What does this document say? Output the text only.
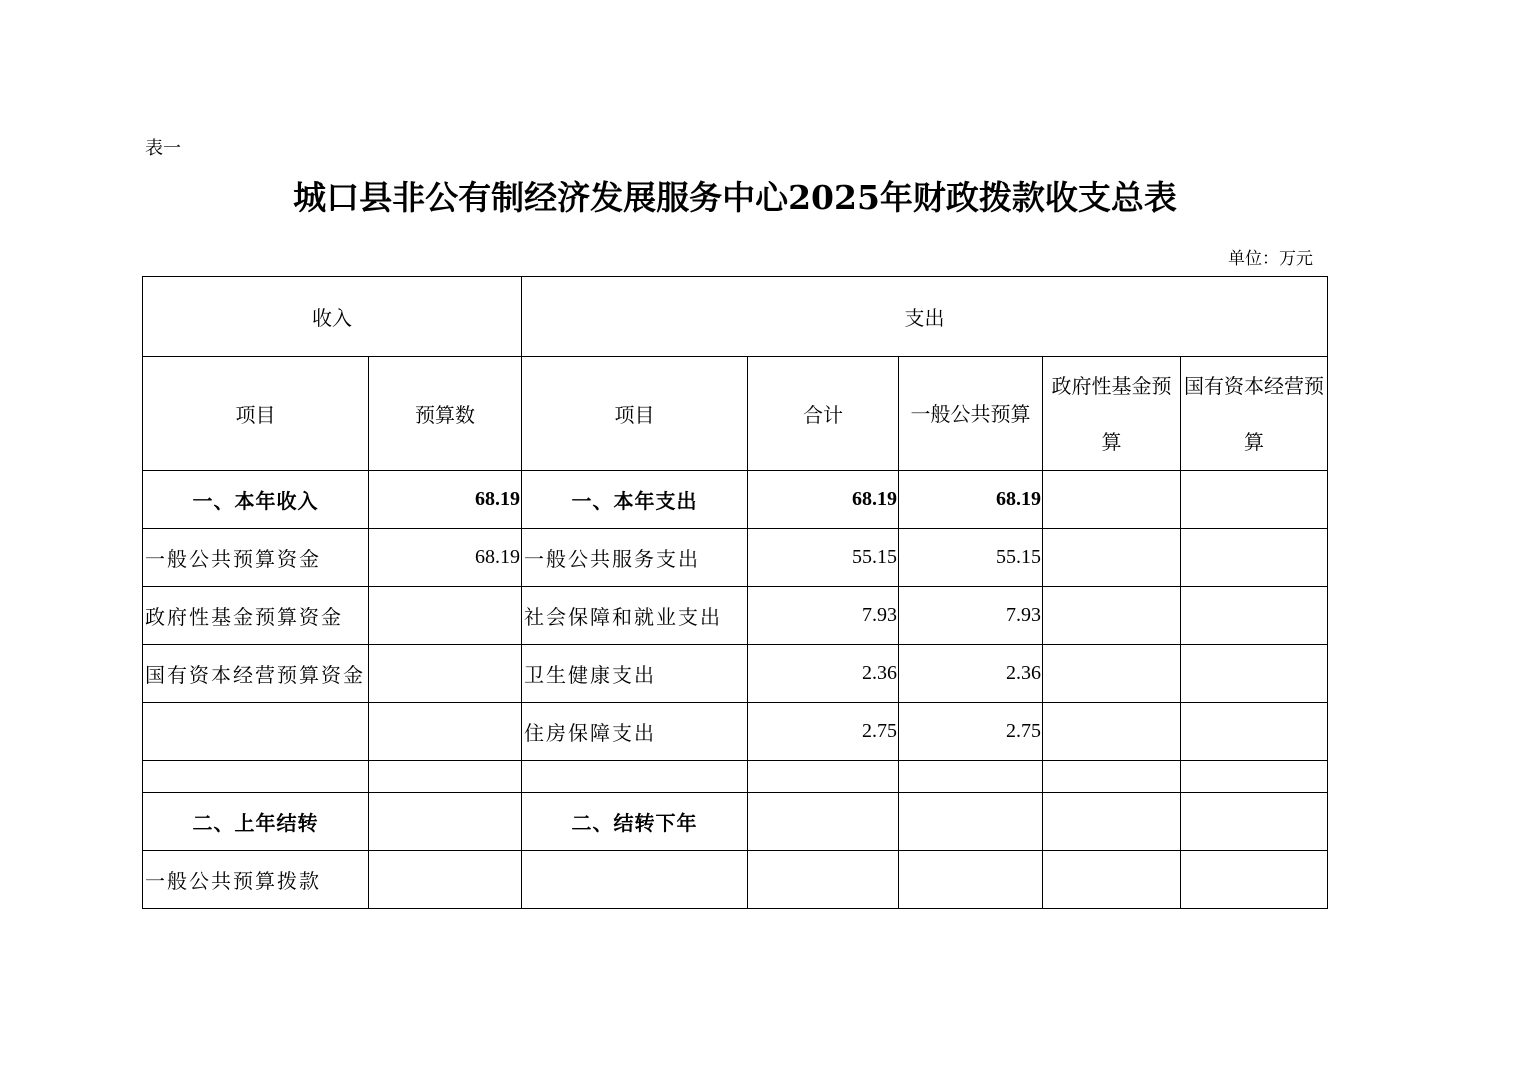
表一
城口县非公有制经济发展服务中心2025年财政拨款收支总表
单位：万元
收入		支出				
项目	预算数	项目	合计	一般公共预算	政府性基金预算	国有资本经营预算
一、本年收入	68.19	一、本年支出	68.19	68.19		
一般公共预算资金	68.19	一般公共服务支出	55.15	55.15		
政府性基金预算资金		社会保障和就业支出	7.93	7.93		
国有资本经营预算资金		卫生健康支出	2.36	2.36		
		住房保障支出	2.75	2.75		

二、上年结转		二、结转下年				
一般公共预算拨款						
